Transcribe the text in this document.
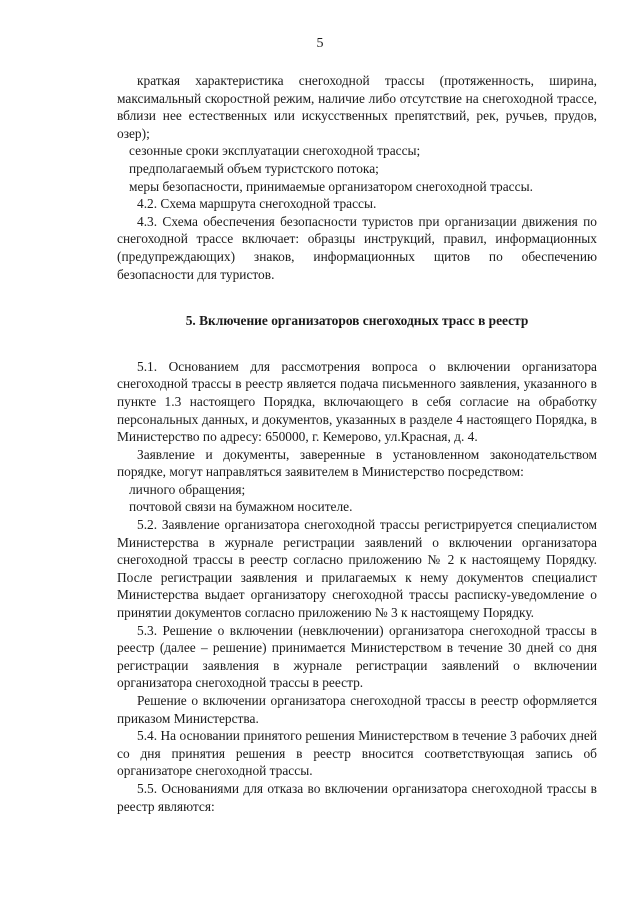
5

краткая характеристика снегоходной трассы (протяженность, ширина, максимальный скоростной режим, наличие либо отсутствие на снегоходной трассе, вблизи нее естественных или искусственных препятствий, рек, ручьев, прудов, озер);

сезонные сроки эксплуатации снегоходной трассы;

предполагаемый объем туристского потока;

меры безопасности, принимаемые организатором снегоходной трассы.

4.2. Схема маршрута снегоходной трассы.

4.3. Схема обеспечения безопасности туристов при организации движения по снегоходной трассе включает: образцы инструкций, правил, информационных (предупреждающих) знаков, информационных щитов по обеспечению безопасности для туристов.

5. Включение организаторов снегоходных трасс в реестр

5.1. Основанием для рассмотрения вопроса о включении организатора снегоходной трассы в реестр является подача письменного заявления, указанного в пункте 1.3 настоящего Порядка, включающего в себя согласие на обработку персональных данных, и документов, указанных в разделе 4 настоящего Порядка, в Министерство по адресу: 650000, г. Кемерово, ул.Красная, д. 4.

Заявление и документы, заверенные в установленном законодательством порядке, могут направляться заявителем в Министерство посредством:

личного обращения;

почтовой связи на бумажном носителе.

5.2. Заявление организатора снегоходной трассы регистрируется специалистом Министерства в журнале регистрации заявлений о включении организатора снегоходной трассы в реестр согласно приложению № 2 к настоящему Порядку. После регистрации заявления и прилагаемых к нему документов специалист Министерства выдает организатору снегоходной трассы расписку-уведомление о принятии документов согласно приложению № 3 к настоящему Порядку.

5.3. Решение о включении (невключении) организатора снегоходной трассы в реестр (далее – решение) принимается Министерством в течение 30 дней со дня регистрации заявления в журнале регистрации заявлений о включении организатора снегоходной трассы в реестр.

Решение о включении организатора снегоходной трассы в реестр оформляется приказом Министерства.

5.4. На основании принятого решения Министерством в течение 3 рабочих дней со дня принятия решения в реестр вносится соответствующая запись об организаторе снегоходной трассы.

5.5. Основаниями для отказа во включении организатора снегоходной трассы в реестр являются:
